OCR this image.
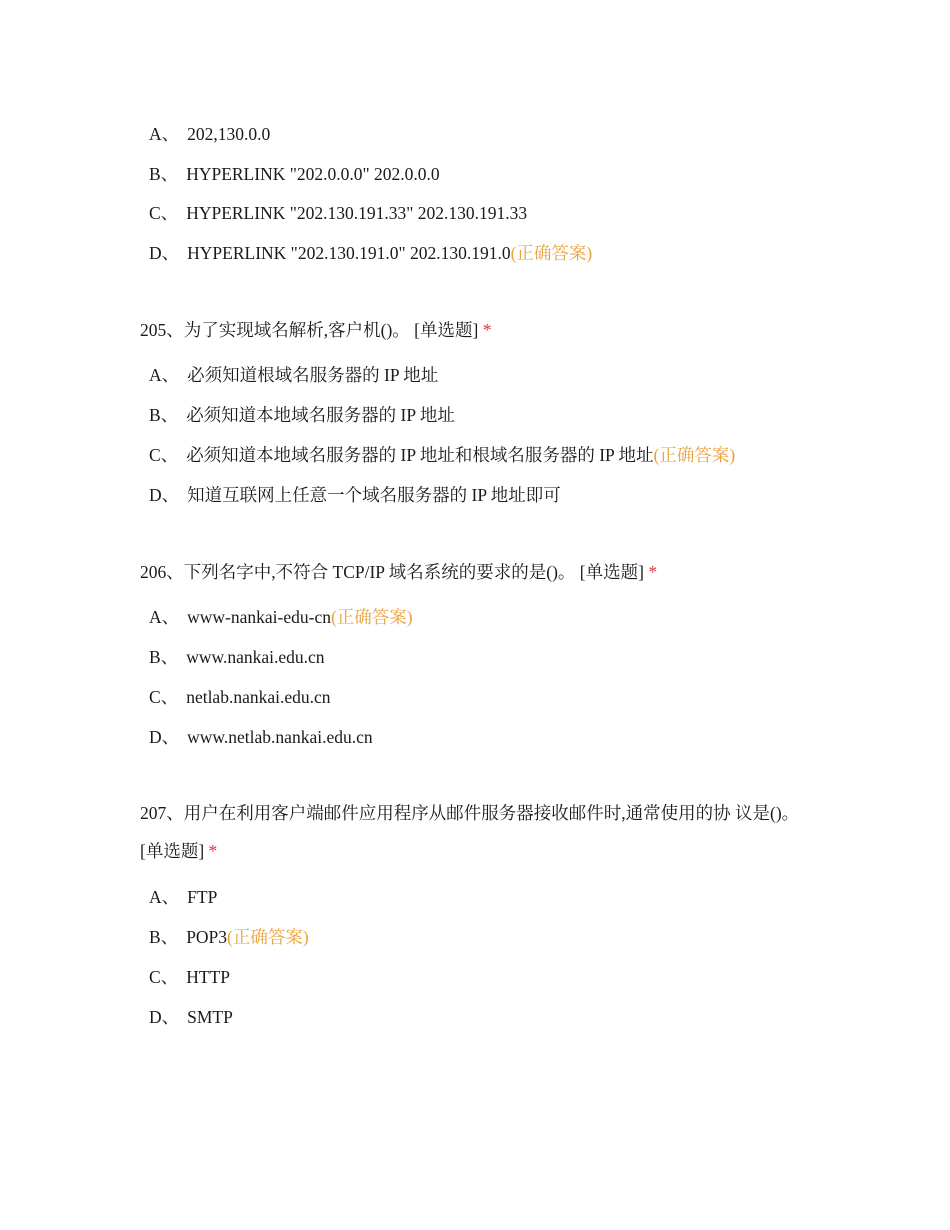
A、 202,130.0.0
B、 HYPERLINK "202.0.0.0" 202.0.0.0
C、 HYPERLINK "202.130.191.33" 202.130.191.33
D、 HYPERLINK "202.130.191.0" 202.130.191.0(正确答案)
205、为了实现域名解析,客户机()。 [单选题] *
A、 必须知道根域名服务器的 IP 地址
B、 必须知道本地域名服务器的 IP 地址
C、 必须知道本地域名服务器的 IP 地址和根域名服务器的 IP 地址(正确答案)
D、 知道互联网上任意一个域名服务器的 IP 地址即可
206、下列名字中,不符合 TCP/IP 域名系统的要求的是()。 [单选题] *
A、 www-nankai-edu-cn(正确答案)
B、 www.nankai.edu.cn
C、 netlab.nankai.edu.cn
D、 www.netlab.nankai.edu.cn
207、用户在利用客户端邮件应用程序从邮件服务器接收邮件时,通常使用的协 议是()。 [单选题] *
A、 FTP
B、 POP3(正确答案)
C、 HTTP
D、 SMTP
